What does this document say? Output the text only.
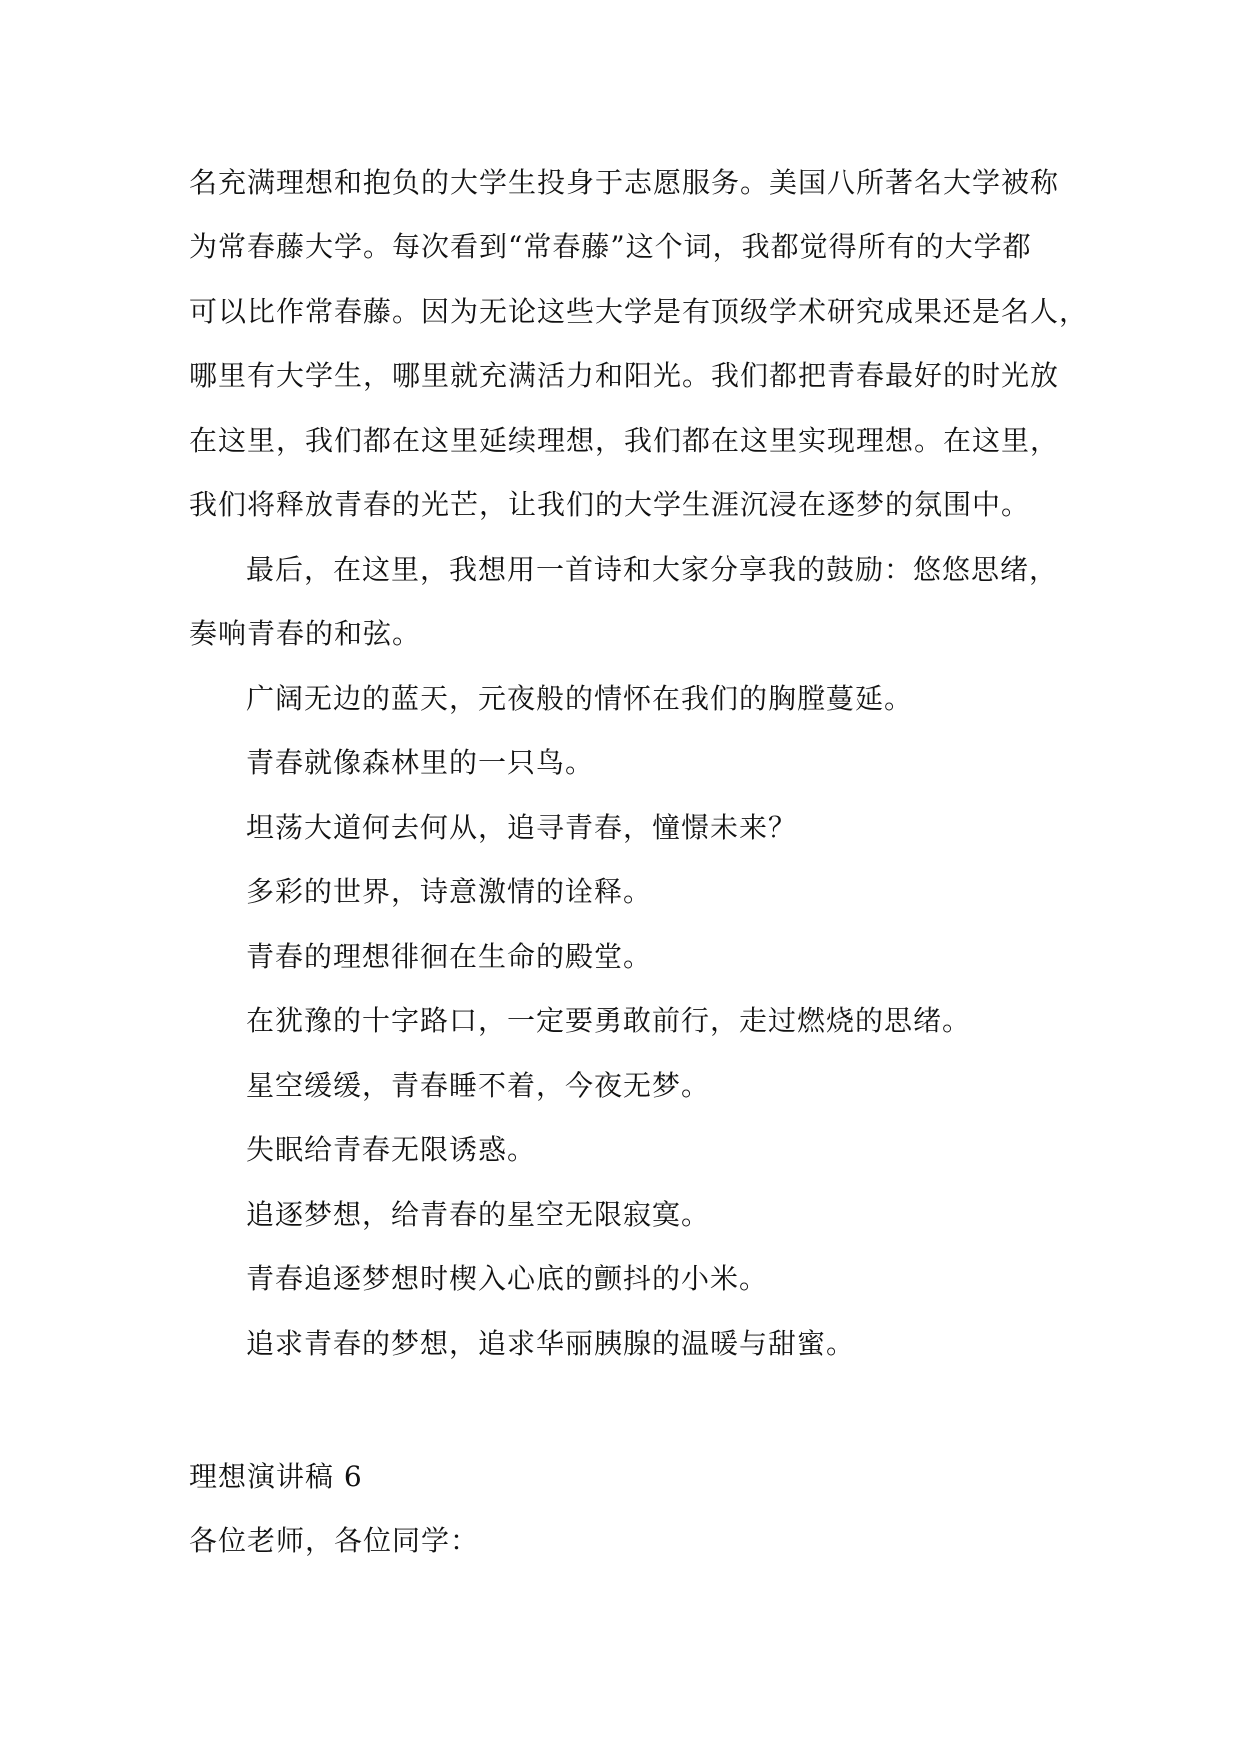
名充满理想和抱负的大学生投身于志愿服务。美国八所著名大学被称
为常春藤大学。每次看到“常春藤”这个词，我都觉得所有的大学都
可以比作常春藤。因为无论这些大学是有顶级学术研究成果还是名人，
哪里有大学生，哪里就充满活力和阳光。我们都把青春最好的时光放
在这里，我们都在这里延续理想，我们都在这里实现理想。在这里，
我们将释放青春的光芒，让我们的大学生涯沉浸在逐梦的氛围中。
最后，在这里，我想用一首诗和大家分享我的鼓励：悠悠思绪，
奏响青春的和弦。
广阔无边的蓝天，元夜般的情怀在我们的胸膛蔓延。
青春就像森林里的一只鸟。
坦荡大道何去何从，追寻青春，憧憬未来？
多彩的世界，诗意激情的诠释。
青春的理想徘徊在生命的殿堂。
在犹豫的十字路口，一定要勇敢前行，走过燃烧的思绪。
星空缓缓，青春睡不着，今夜无梦。
失眠给青春无限诱惑。
追逐梦想，给青春的星空无限寂寞。
青春追逐梦想时楔入心底的颤抖的小米。
追求青春的梦想，追求华丽胰腺的温暖与甜蜜。
理想演讲稿 6
各位老师，各位同学：
